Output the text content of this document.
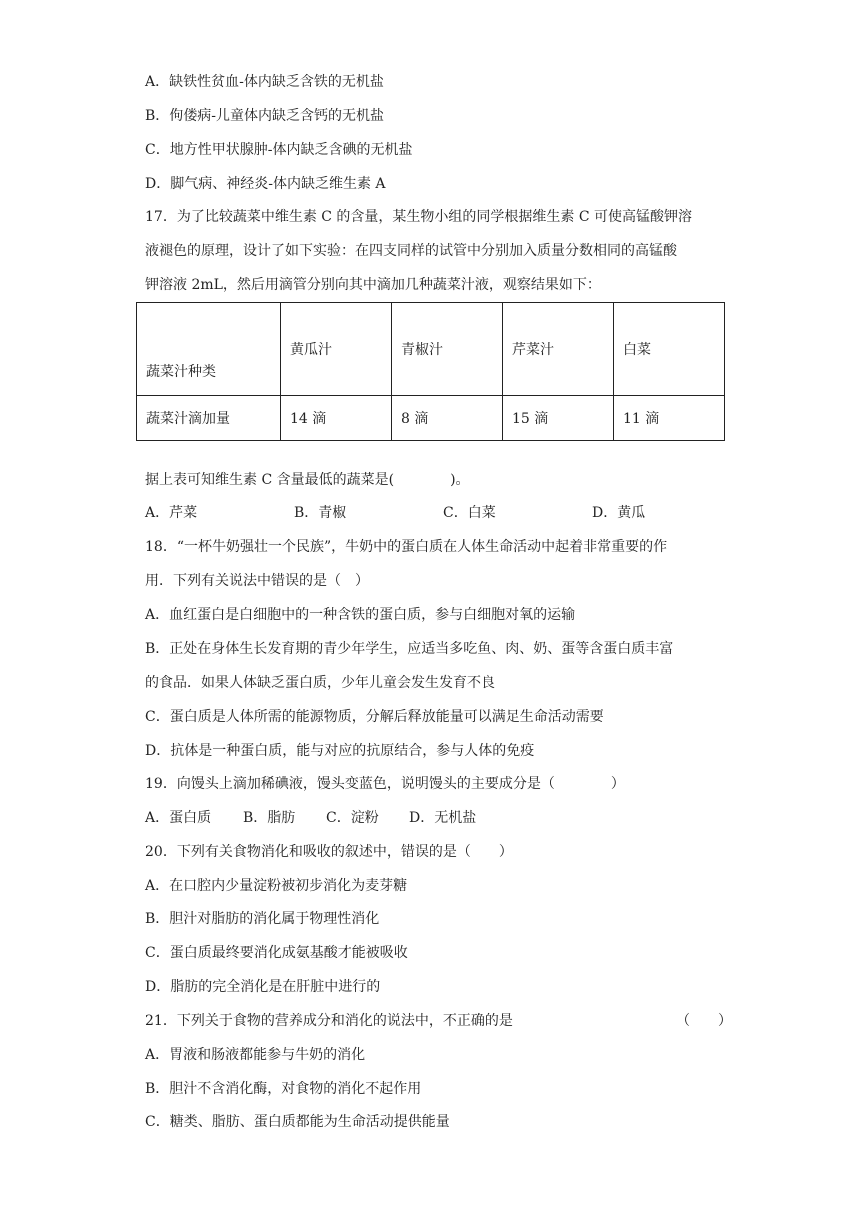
A．缺铁性贫血-体内缺乏含铁的无机盐
B．佝偻病-儿童体内缺乏含钙的无机盐
C．地方性甲状腺肿-体内缺乏含碘的无机盐
D．脚气病、神经炎-体内缺乏维生素 A
17．为了比较蔬菜中维生素 C 的含量，某生物小组的同学根据维生素 C 可使高锰酸钾溶
液褪色的原理，设计了如下实验：在四支同样的试管中分别加入质量分数相同的高锰酸
钾溶液 2mL，然后用滴管分别向其中滴加几种蔬菜汁液，观察结果如下：
蔬菜汁种类	黄瓜汁	青椒汁	芹菜汁	白菜
蔬菜汁滴加量	14 滴	8 滴	15 滴	11 滴
据上表可知维生素 C 含量最低的蔬菜是(　　　　)。
A．芹菜	B．青椒	C．白菜	D．黄瓜
18．“一杯牛奶强壮一个民族”，牛奶中的蛋白质在人体生命活动中起着非常重要的作
用．下列有关说法中错误的是（　）
A．血红蛋白是白细胞中的一种含铁的蛋白质，参与白细胞对氧的运输
B．正处在身体生长发育期的青少年学生，应适当多吃鱼、肉、奶、蛋等含蛋白质丰富
的食品．如果人体缺乏蛋白质，少年儿童会发生发育不良
C．蛋白质是人体所需的能源物质，分解后释放能量可以满足生命活动需要
D．抗体是一种蛋白质，能与对应的抗原结合，参与人体的免疫
19．向馒头上滴加稀碘液，馒头变蓝色，说明馒头的主要成分是（　　　　）
A．蛋白质 B．脂肪 C．淀粉 D．无机盐
20．下列有关食物消化和吸收的叙述中，错误的是（　　）
A．在口腔内少量淀粉被初步消化为麦芽糖
B．胆汁对脂肪的消化属于物理性消化
C．蛋白质最终要消化成氨基酸才能被吸收
D．脂肪的完全消化是在肝脏中进行的
21．下列关于食物的营养成分和消化的说法中，不正确的是	（　　）
A．胃液和肠液都能参与牛奶的消化
B．胆汁不含消化酶，对食物的消化不起作用
C．糖类、脂肪、蛋白质都能为生命活动提供能量
